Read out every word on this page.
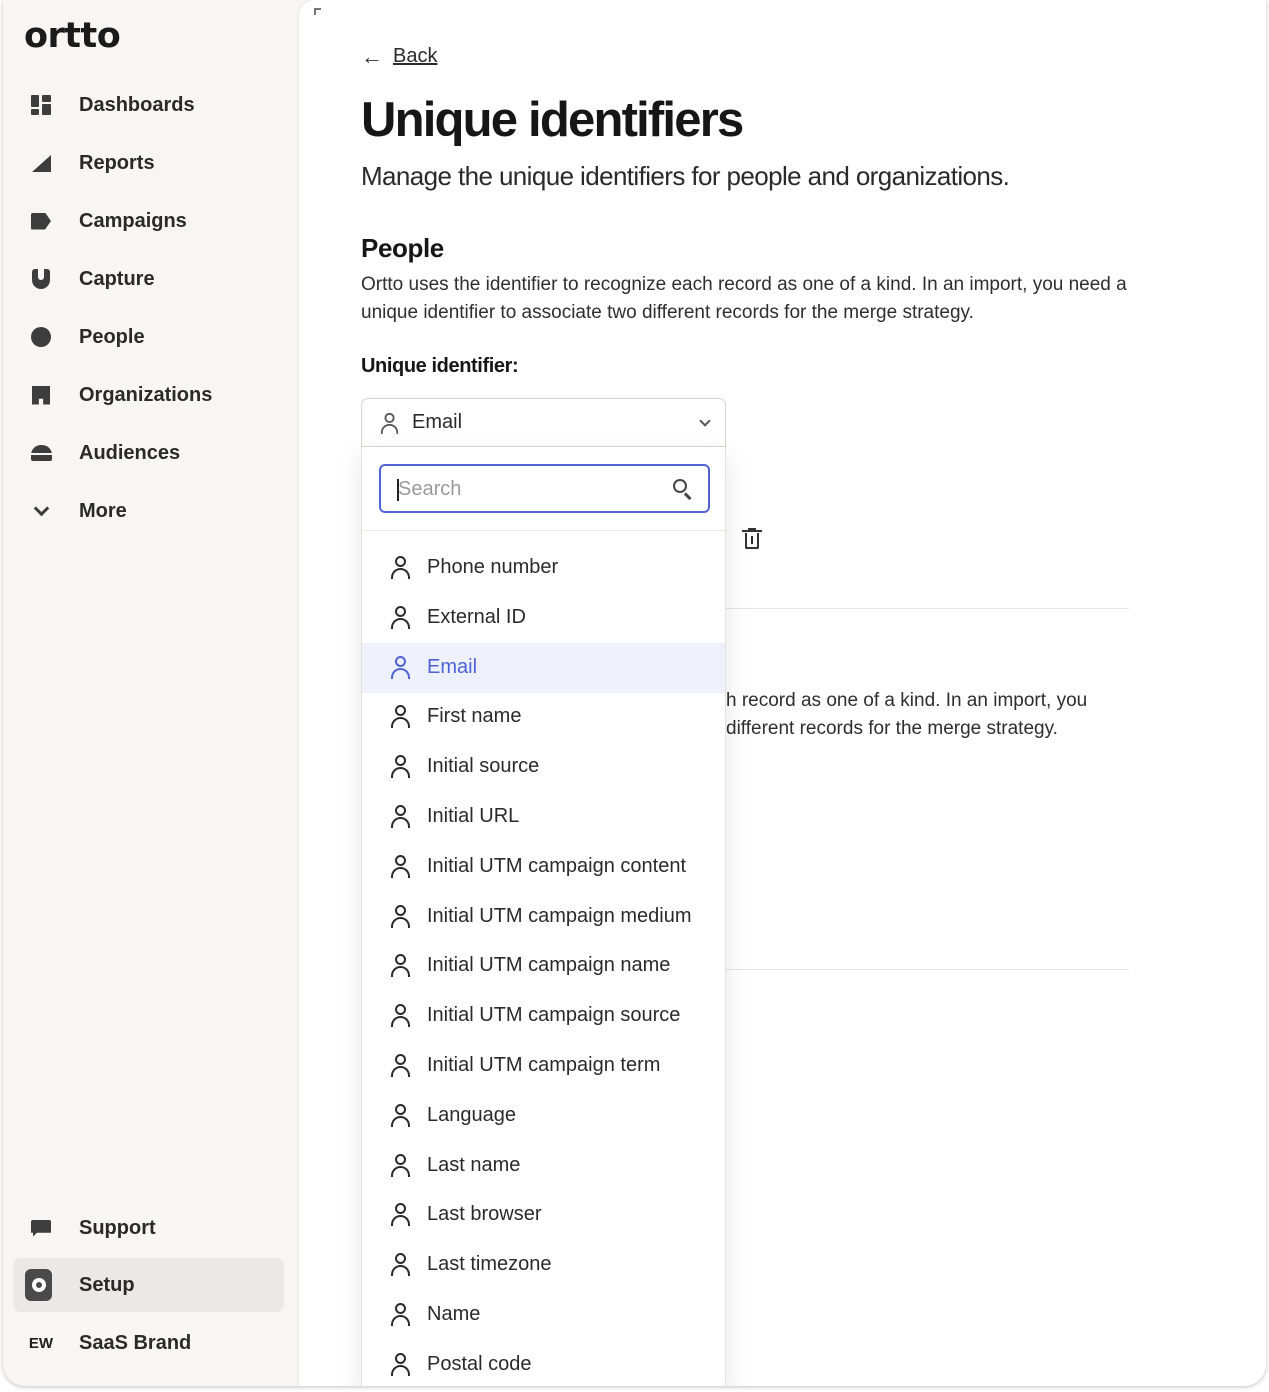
ortto
Dashboards
Reports
Campaigns
Capture
People
Organizations
Audiences
More
Support
Setup
EW SaaS Brand
← Back
Unique identifiers

Manage the unique identifiers for people and organizations.

People

Ortto uses the identifier to recognize each record as one of a kind. In an import, you need a unique identifier to associate two different records for the merge strategy.

Unique identifier:
Email

h record as one of a kind. In an import, you
different records for the merge strategy.

Search
Phone number
External ID
Email
First name
Initial source
Initial URL
Initial UTM campaign content
Initial UTM campaign medium
Initial UTM campaign name
Initial UTM campaign source
Initial UTM campaign term
Language
Last name
Last browser
Last timezone
Name
Postal code
